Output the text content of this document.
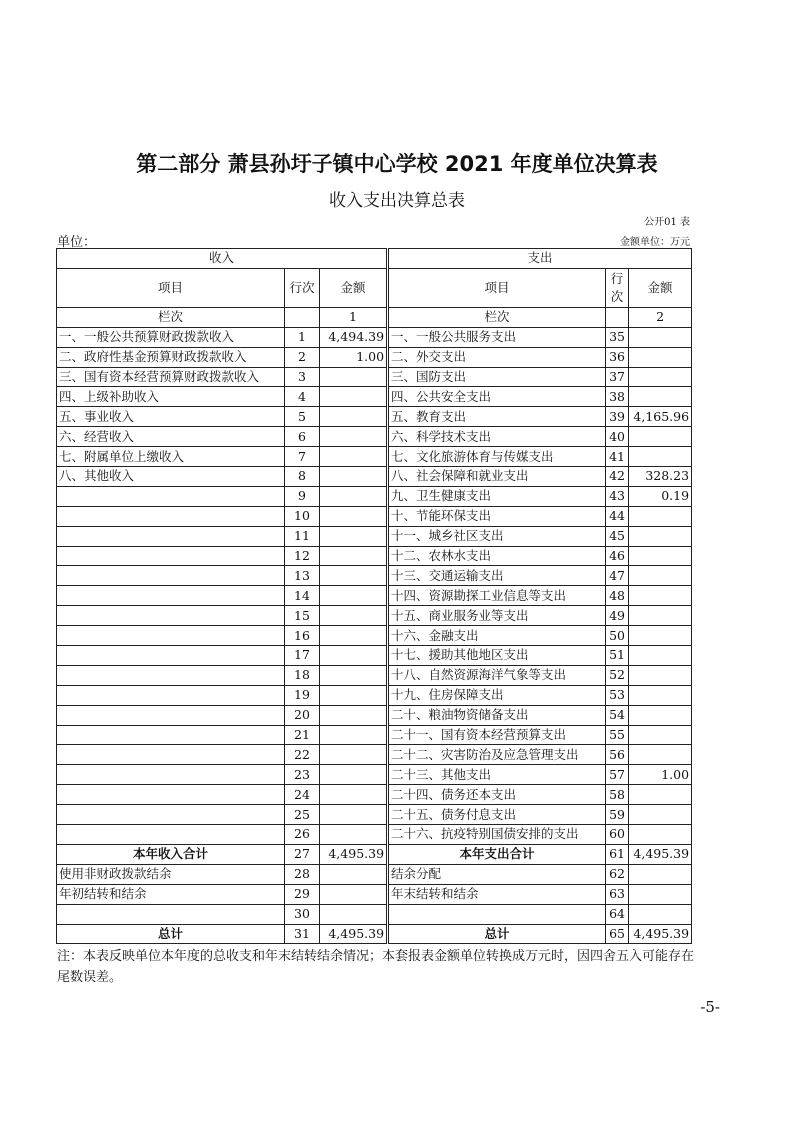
第二部分 萧县孙圩子镇中心学校 2021 年度单位决算表
收入支出决算总表
公开01 表
单位：	金额单位：万元
收入			支出		
项目	行次	金额	项目	行次	金额
栏次		1	栏次		2
一、一般公共预算财政拨款收入	1	4,494.39	一、一般公共服务支出	35	
二、政府性基金预算财政拨款收入	2	1.00	二、外交支出	36	
三、国有资本经营预算财政拨款收入	3		三、国防支出	37	
四、上级补助收入	4		四、公共安全支出	38	
五、事业收入	5		五、教育支出	39	4,165.96
六、经营收入	6		六、科学技术支出	40	
七、附属单位上缴收入	7		七、文化旅游体育与传媒支出	41	
八、其他收入	8		八、社会保障和就业支出	42	328.23
	9		九、卫生健康支出	43	0.19
	10		十、节能环保支出	44	
	11		十一、城乡社区支出	45	
	12		十二、农林水支出	46	
	13		十三、交通运输支出	47	
	14		十四、资源勘探工业信息等支出	48	
	15		十五、商业服务业等支出	49	
	16		十六、金融支出	50	
	17		十七、援助其他地区支出	51	
	18		十八、自然资源海洋气象等支出	52	
	19		十九、住房保障支出	53	
	20		二十、粮油物资储备支出	54	
	21		二十一、国有资本经营预算支出	55	
	22		二十二、灾害防治及应急管理支出	56	
	23		二十三、其他支出	57	1.00
	24		二十四、债务还本支出	58	
	25		二十五、债务付息支出	59	
	26		二十六、抗疫特别国债安排的支出	60	
本年收入合计	27	4,495.39	本年支出合计	61	4,495.39
使用非财政拨款结余	28		结余分配	62	
年初结转和结余	29		年末结转和结余	63	
	30			64	
总计	31	4,495.39	总计	65	4,495.39
注：本表反映单位本年度的总收支和年末结转结余情况；本套报表金额单位转换成万元时，因四舍五入可能存在尾数误差。
-5-
